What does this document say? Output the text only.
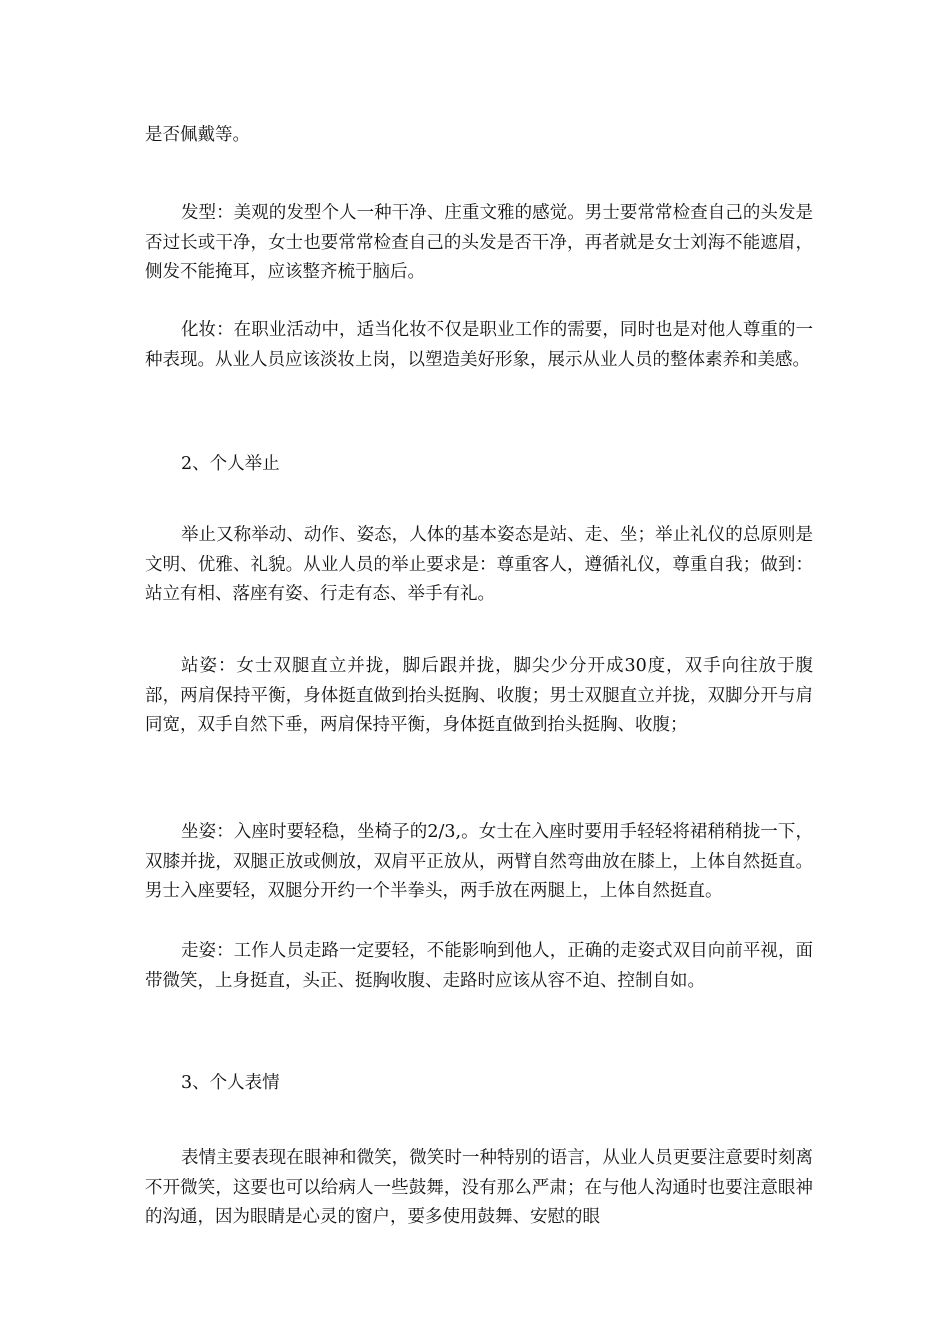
是否佩戴等。

发型：美观的发型个人一种干净、庄重文雅的感觉。男士要常常检查自己的头发是否过长或干净，女士也要常常检查自己的头发是否干净，再者就是女士刘海不能遮眉，侧发不能掩耳，应该整齐梳于脑后。

化妆：在职业活动中，适当化妆不仅是职业工作的需要，同时也是对他人尊重的一种表现。从业人员应该淡妆上岗，以塑造美好形象，展示从业人员的整体素养和美感。

2、个人举止

举止又称举动、动作、姿态，人体的基本姿态是站、走、坐；举止礼仪的总原则是文明、优雅、礼貌。从业人员的举止要求是：尊重客人，遵循礼仪，尊重自我；做到：站立有相、落座有姿、行走有态、举手有礼。

站姿：女士双腿直立并拢，脚后跟并拢，脚尖少分开成30度，双手向往放于腹部，两肩保持平衡，身体挺直做到抬头挺胸、收腹；男士双腿直立并拢，双脚分开与肩同宽，双手自然下垂，两肩保持平衡，身体挺直做到抬头挺胸、收腹；

坐姿：入座时要轻稳，坐椅子的2/3,。女士在入座时要用手轻轻将裙稍稍拢一下，双膝并拢，双腿正放或侧放，双肩平正放从，两臂自然弯曲放在膝上，上体自然挺直。男士入座要轻，双腿分开约一个半拳头，两手放在两腿上，上体自然挺直。

走姿：工作人员走路一定要轻，不能影响到他人，正确的走姿式双目向前平视，面带微笑，上身挺直，头正、挺胸收腹、走路时应该从容不迫、控制自如。

3、个人表情

表情主要表现在眼神和微笑，微笑时一种特别的语言，从业人员更要注意要时刻离不开微笑，这要也可以给病人一些鼓舞，没有那么严肃；在与他人沟通时也要注意眼神的沟通，因为眼睛是心灵的窗户，要多使用鼓舞、安慰的眼
